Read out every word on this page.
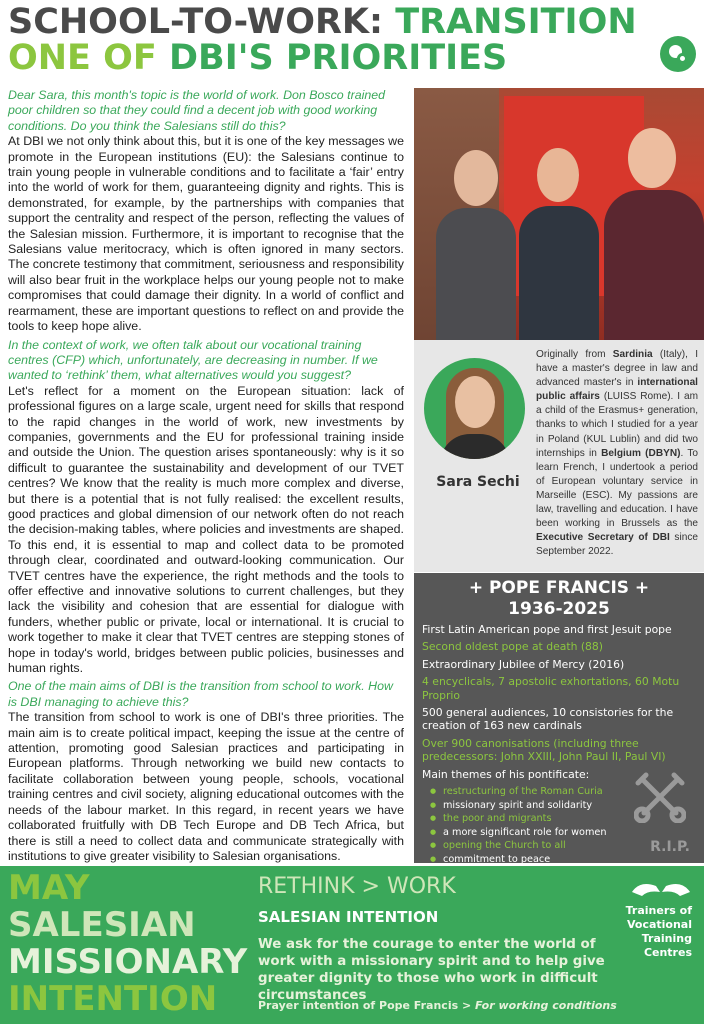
SCHOOL-TO-WORK: TRANSITION
ONE OF DBI'S PRIORITIES
Dear Sara, this month's topic is the world of work. Don Bosco trained poor children so that they could find a decent job with good working conditions. Do you think the Salesians still do this?
At DBI we not only think about this, but it is one of the key messages we promote in the European institutions (EU): the Salesians continue to train young people in vulnerable conditions and to facilitate a ‘fair’ entry into the world of work for them, guaranteeing dignity and rights. This is demonstrated, for example, by the partnerships with companies that support the centrality and respect of the person, reflecting the values of the Salesian mission. Furthermore, it is important to recognise that the Salesians value meritocracy, which is often ignored in many sectors. The concrete testimony that commitment, seriousness and responsibility will also bear fruit in the workplace helps our young people not to make compromises that could damage their dignity. In a world of conflict and rearmament, these are important questions to reflect on and provide the tools to keep hope alive.
In the context of work, we often talk about our vocational training centres (CFP) which, unfortunately, are decreasing in number. If we wanted to ‘rethink’ them, what alternatives would you suggest?
Let's reflect for a moment on the European situation: lack of professional figures on a large scale, urgent need for skills that respond to the rapid changes in the world of work, new investments by companies, governments and the EU for professional training inside and outside the Union. The question arises spontaneously: why is it so difficult to guarantee the sustainability and development of our TVET centres? We know that the reality is much more complex and diverse, but there is a potential that is not fully realised: the excellent results, good practices and global dimension of our network often do not reach the decision-making tables, where policies and investments are shaped. To this end, it is essential to map and collect data to be promoted through clear, coordinated and outward-looking communication. Our TVET centres have the experience, the right methods and the tools to offer effective and innovative solutions to current challenges, but they lack the visibility and cohesion that are essential for dialogue with funders, whether public or private, local or international. It is crucial to work together to make it clear that TVET centres are stepping stones of hope in today's world, bridges between public policies, businesses and human rights.
One of the main aims of DBI is the transition from school to work. How is DBI managing to achieve this?
The transition from school to work is one of DBI's three priorities. The main aim is to create political impact, keeping the issue at the centre of attention, promoting good Salesian practices and participating in European platforms. Through networking we build new contacts to facilitate collaboration between young people, schools, vocational training centres and civil society, aligning educational outcomes with the needs of the labour market. In this regard, in recent years we have collaborated fruitfully with DB Tech Europe and DB Tech Africa, but there is still a need to collect data and communicate strategically with institutions to give greater visibility to Salesian organisations.
Sara Sechi
Originally from Sardinia (Italy), I have a master's degree in law and advanced master's in international public affairs (LUISS Rome). I am a child of the Erasmus+ generation, thanks to which I studied for a year in Poland (KUL Lublin) and did two internships in Belgium (DBYN). To learn French, I undertook a period of European voluntary service in Marseille (ESC). My passions are law, travelling and education. I have been working in Brussels as the Executive Secretary of DBI since September 2022.
+ POPE FRANCIS +
1936-2025
First Latin American pope and first Jesuit pope
Second oldest pope at death (88)
Extraordinary Jubilee of Mercy (2016)
4 encyclicals, 7 apostolic exhortations, 60 Motu Proprio
500 general audiences, 10 consistories for the creation of 163 new cardinals
Over 900 canonisations (including three predecessors: John XXIII, John Paul II, Paul VI)
Main themes of his pontificate:
● restructuring of the Roman Curia
● missionary spirit and solidarity
● the poor and migrants
● a more significant role for women
● opening the Church to all
● commitment to peace
R.I.P.
MAY
SALESIAN
MISSIONARY
INTENTION
RETHINK > WORK
SALESIAN INTENTION
We ask for the courage to enter the world of work with a missionary spirit and to help give greater dignity to those who work in difficult circumstances
Prayer intention of Pope Francis > For working conditions
Trainers of
Vocational
Training
Centres
